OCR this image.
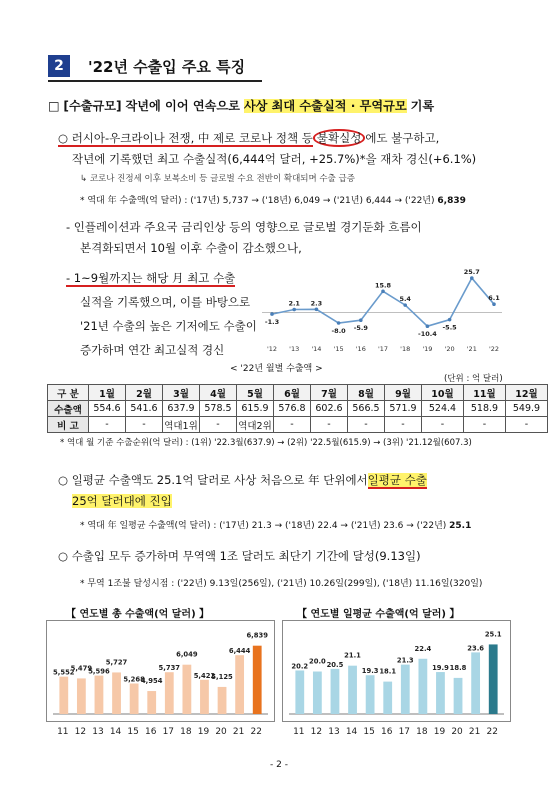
2	'22년 수출입 주요 특징
□ [수출규모] 작년에 이어 연속으로 사상 최대 수출실적 · 무역규모 기록
○ 러시아-우크라이나 전쟁, 中 제로 코로나 정책 등 불확실성 에도 불구하고,
작년에 기록했던 최고 수출실적(6,444억 달러, +25.7%)*을 재차 경신(+6.1%)
↳ 코로나 진정세 이후 보복소비 등 글로벌 수요 전반이 확대되며 수출 급증
* 역대 年 수출액(억 달러) : ('17년) 5,737 → ('18년) 6,049 → ('21년) 6,444 → ('22년) 6,839
- 인플레이션과 주요국 금리인상 등의 영향으로 글로벌 경기둔화 흐름이
본격화되면서 10월 이후 수출이 감소했으나,
- 1~9월까지는 해당 月 최고 수출
실적을 기록했으며, 이를 바탕으로
'21년 수출의 높은 기저에도 수출이
증가하며 연간 최고실적 경신
-1.3
'12
2.1
'13
2.3
'14
-8.0
'15
-5.9
'16
15.8
'17
5.4
'18
-10.4
'19
-5.5
'20
25.7
'21
6.1
'22
< '22년 월별 수출액 >
(단위 : 억 달러)
구 분	1월	2월	3월	4월	5월	6월	7월	8월	9월	10월	11월	12월
수출액	554.6	541.6	637.9	578.5	615.9	576.8	602.6	566.5	571.9	524.4	518.9	549.9
비 고	-	-	역대1위	-	역대2위	-	-	-	-	-	-	-
* 역대 월 기준 수출순위(억 달러) : (1위) '22.3월(637.9) → (2위) '22.5월(615.9) → (3위) '21.12월(607.3)
○ 일평균 수출액도 25.1억 달러로 사상 처음으로 年 단위에서일평균 수출
25억 달러대에 진입
* 역대 年 일평균 수출액(억 달러) : ('17년) 21.3 → ('18년) 22.4 → ('21년) 23.6 → ('22년) 25.1
○ 수출입 모두 증가하며 무역액 1조 달러도 최단기 기간에 달성(9.13일)
* 무역 1조불 달성시점 : ('22년) 9.13일(256일), ('21년) 10.26일(299일), ('18년) 11.16일(320일)
【 연도별 총 수출액(억 달러) 】	【 연도별 일평균 수출액(억 달러) 】
5,552
5,479
5,596
5,727
5,268
4,954
5,737
6,049
5,422
5,125
6,444
6,839
20.2
20.0 20.5
21.1
19.3 18.1
21.3
22.4
19.9 18.8
23.6
25.1
11 12 13 14 15 16 17 18 19 20 21 22	11 12 13 14 15 16 17 18 19 20 21 22
- 2 -
